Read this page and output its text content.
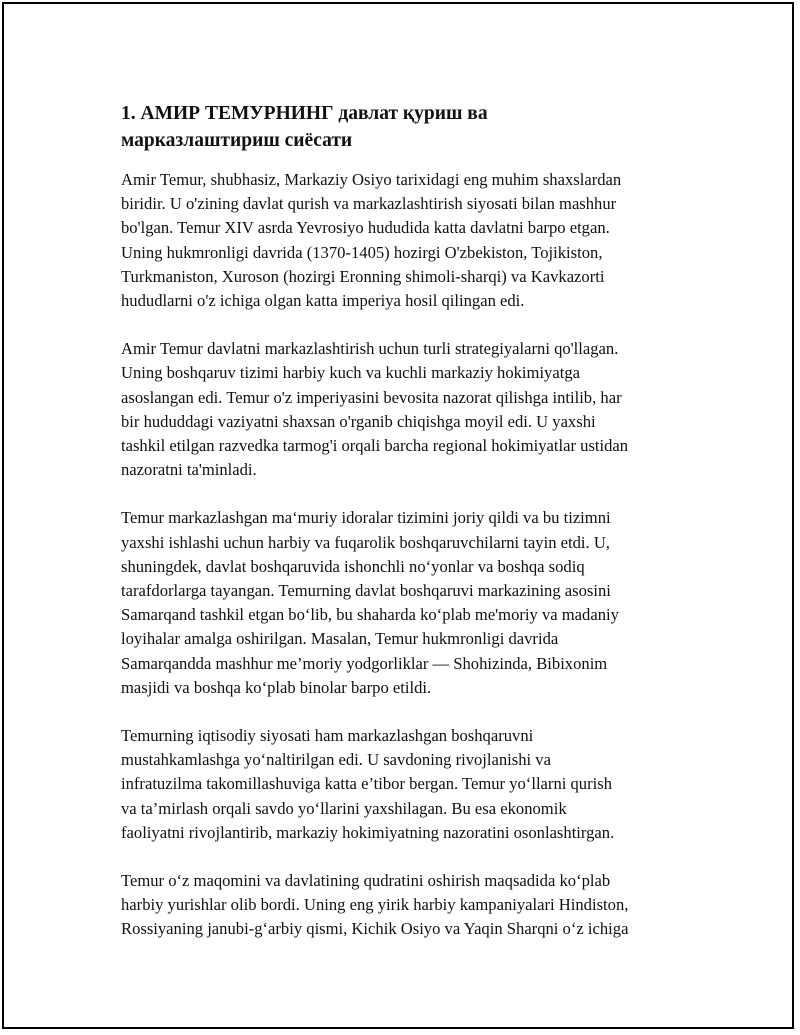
1. АМИР ТЕМУРНИНГ давлат қуриш ва
марказлаштириш сиёсати
Amir Temur, shubhasiz, Markaziy Osiyo tarixidagi eng muhim shaxslardan
biridir. U o'zining davlat qurish va markazlashtirish siyosati bilan mashhur
bo'lgan. Temur XIV asrda Yevrosiyo hududida katta davlatni barpo etgan.
Uning hukmronligi davrida (1370-1405) hozirgi O'zbekiston, Tojikiston,
Turkmaniston, Xuroson (hozirgi Eronning shimoli-sharqi) va Kavkazorti
hududlarni o'z ichiga olgan katta imperiya hosil qilingan edi.
Amir Temur davlatni markazlashtirish uchun turli strategiyalarni qo'llagan.
Uning boshqaruv tizimi harbiy kuch va kuchli markaziy hokimiyatga
asoslangan edi. Temur o'z imperiyasini bevosita nazorat qilishga intilib, har
bir hududdagi vaziyatni shaxsan o'rganib chiqishga moyil edi. U yaxshi
tashkil etilgan razvedka tarmog'i orqali barcha regional hokimiyatlar ustidan
nazoratni ta'minladi.
Temur markazlashgan maʻmuriy idoralar tizimini joriy qildi va bu tizimni
yaxshi ishlashi uchun harbiy va fuqarolik boshqaruvchilarni tayin etdi. U,
shuningdek, davlat boshqaruvida ishonchli noʻyonlar va boshqa sodiq
tarafdorlarga tayangan. Temurning davlat boshqaruvi markazining asosini
Samarqand tashkil etgan boʻlib, bu shaharda koʻplab me'moriy va madaniy
loyihalar amalga oshirilgan. Masalan, Temur hukmronligi davrida
Samarqandda mashhur me’moriy yodgorliklar — Shohizinda, Bibixonim
masjidi va boshqa koʻplab binolar barpo etildi.
Temurning iqtisodiy siyosati ham markazlashgan boshqaruvni
mustahkamlashga yoʻnaltirilgan edi. U savdoning rivojlanishi va
infratuzilma takomillashuviga katta e’tibor bergan. Temur yoʻllarni qurish
va ta’mirlash orqali savdo yoʻllarini yaxshilagan. Bu esa ekonomik
faoliyatni rivojlantirib, markaziy hokimiyatning nazoratini osonlashtirgan.
Temur oʻz maqomini va davlatining qudratini oshirish maqsadida koʻplab
harbiy yurishlar olib bordi. Uning eng yirik harbiy kampaniyalari Hindiston,
Rossiyaning janubi-gʻarbiy qismi, Kichik Osiyo va Yaqin Sharqni oʻz ichiga
